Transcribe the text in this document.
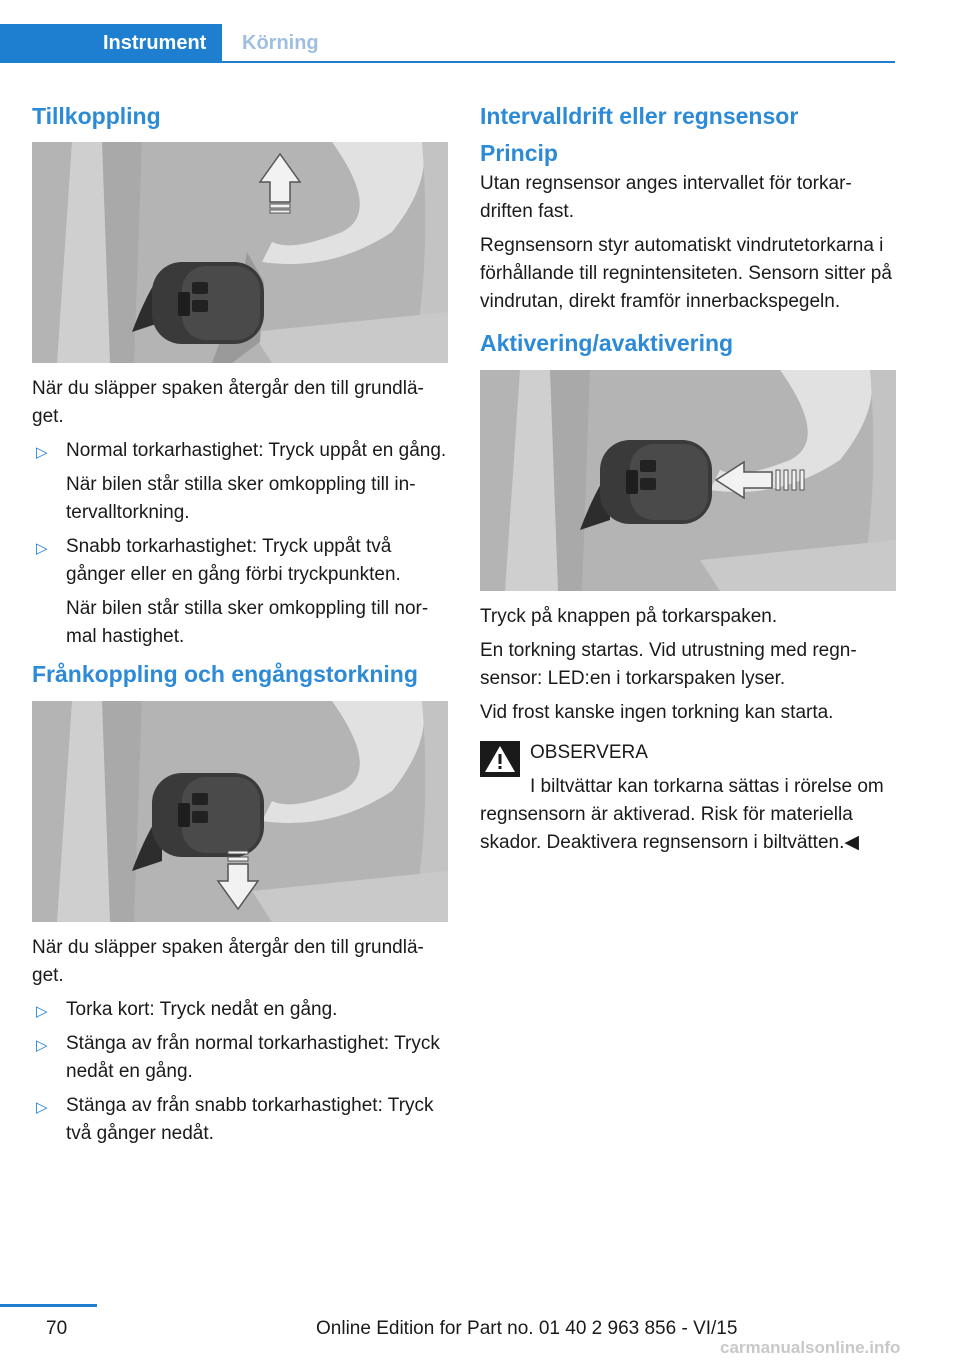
Instrument Körning
Tillkoppling

När du släpper spaken återgår den till grundläget.

▷ Normal torkarhastighet: Tryck uppåt en gång.
När bilen står stilla sker omkoppling till intervalltorkning.
▷ Snabb torkarhastighet: Tryck uppåt två gånger eller en gång förbi tryckpunkten.
När bilen står stilla sker omkoppling till normal hastighet.
Frånkoppling och engångstorkning

När du släpper spaken återgår den till grundläget.

▷ Torka kort: Tryck nedåt en gång.
▷ Stänga av från normal torkarhastighet: Tryck nedåt en gång.
▷ Stänga av från snabb torkarhastighet: Tryck två gånger nedåt.
Intervalldrift eller regnsensor
Princip

Utan regnsensor anges intervallet för torkardriften fast.

Regnsensorn styr automatiskt vindrutetorkarna i förhållande till regnintensiteten. Sensorn sitter på vindrutan, direkt framför innerbackspegeln.

Aktivering/avaktivering

Tryck på knappen på torkarspaken.

En torkning startas. Vid utrustning med regnsensor: LED:en i torkarspaken lyser.

Vid frost kanske ingen torkning kan starta.

OBSERVERA
I biltvättar kan torkarna sättas i rörelse om regnsensorn är aktiverad. Risk för materiella skador. Deaktivera regnsensorn i biltvätten.◀
70	Online Edition for Part no. 01 40 2 963 856 - VI/15
carmanualsonline.info
